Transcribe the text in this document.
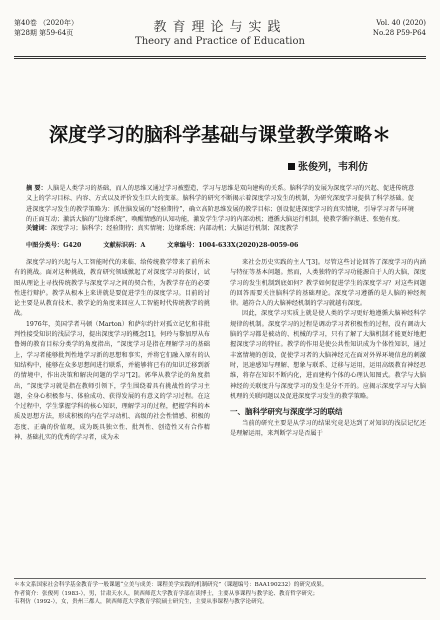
第40卷 （2020年）
第28期 第59-64页	教育理论与实践
Theory and Practice of Education
Vol. 40 (2020)
No.28 P59-P64
深度学习的脑科学基础与课堂教学策略＊
张俊列，韦利仿
摘 要：人脑是人类学习的基础，而人的思维又通过学习被塑造，学习与思维是双向建构的关系。脑科学的发展为深度学习的兴起、促进传统意义上的学习目标、内容、方式以及评价发生巨大的变革。脑科学的研究不断揭示着深度学习发生的机制，为研究深度学习提供了科学基础。促进深度学习发生的教学策略为：抓住脑发展的“经验期待”，确立高阶思维发展的教学目标；创设促进深度学习的真实情境，引导学习者与环境的正面互动；激活大脑的“边缘系统”，唤醒情感的认知功能，激发学生学习的内部动机；遵循大脑运行机制，使教学循序渐进、张弛有度。
关键词：深度学习；脑科学；经验期待；真实情境；边缘系统；内部动机；大脑运行机制；深度教学
中图分类号：G420	文献标识码：A	文章编号：1004-633X(2020)28-0059-06

深度学习的兴起与人工智能时代的来临、给传统教学带来了前所未有的挑战。面对这种挑战，教育研究领域掀起了对深度学习的探讨，试图从理论上寻找传统教学与深度学习之间的契合性，为教学存在的必要性进行辩护。教学从根本上来讲就是要促进学生的深度学习。目前的讨论主要是从教育技术、教学论的角度来回应人工智能时代传统教学的挑战。

1976年，美国学者马顿（Marton）和萨尔约针对孤立记忆和非批判性接受知识的浅层学习，提出深度学习的概念[1]，何玲与黎加厚从布鲁姆的教育目标分类学的角度指出，“深度学习是指在理解学习的基础上，学习者能够批判性地学习新的思想和事实，并将它们融入原有的认知结构中，能够在众多思想间进行联系，并能够将已有的知识迁移到新的情境中，作出决策和解决问题的学习”[2]。郭华从教学论的角度指出，“深度学习就是指在教师引领下，学生围绕着具有挑战性的学习主题，全身心积极参与、体验成功、获得发展的有意义的学习过程。在这个过程中，学生掌握学科的核心知识，理解学习的过程，把握学科的本质及思想方法，形成积极的内在学习动机、高级的社会性情感、积极的态度、正确的价值观，成为既具独立性、批判性、创造性又有合作精神、基础扎实的优秀的学习者，成为未

来社会历史实践的主人”[3]。尽管这些讨论回答了深度学习的内涵与特征等基本问题。然而，人类独特的学习功能源自于人的大脑，深度学习的发生机制到底如何？教学如何促进学生的深度学习？对这些问题的回答需要关注脑科学的基础理论。深度学习遵循的是人脑的神经规律。越符合人的大脑神经机制的学习就越有深度。

因此，深度学习实质上就是使人类的学习更好地遵循大脑神经科学规律的机制。深度学习的过程是调动学习者积极性的过程，没有调动大脑的学习都是被动的、机械的学习，只有了解了大脑机制才能更好地把握深度学习的特征。教学的作用是使公共性知识成为个体性知识，通过丰富情境的创设，促使学习者的大脑神经元在面对外界环境信息的刺激时，迅速感知与理解、想象与联系、迁移与运用，运用高级教育神经思维，将存在知识不断内化，进而建构个体的心理认知图式。教学与大脑神经的关联度升与深度学习的发生是分不开的。应揭示深度学习与大脑机理的关联问题以及促进深度学习发生的教学策略。

一、脑科学研究与深度学习的联结

当前的研究主要是从学习的结果究竟是达到了对知识的浅层记忆还是理解运用，来判断学习是否属于

＊本文系国家社会科学基金教育学一般课题“立美与成美：课程美学实践的机制研究”（课题编号：BAA190232）的研究成果。
作者简介：张俊列（1983-），男，甘肃天水人，陕西师范大学教育学部在读博士，主要从事课程与教学论、教育哲学研究；
韦利仿（1992-），女，贵州三都人，陕西师范大学教育学院硕士研究生，主要从事课程与教学论研究。
